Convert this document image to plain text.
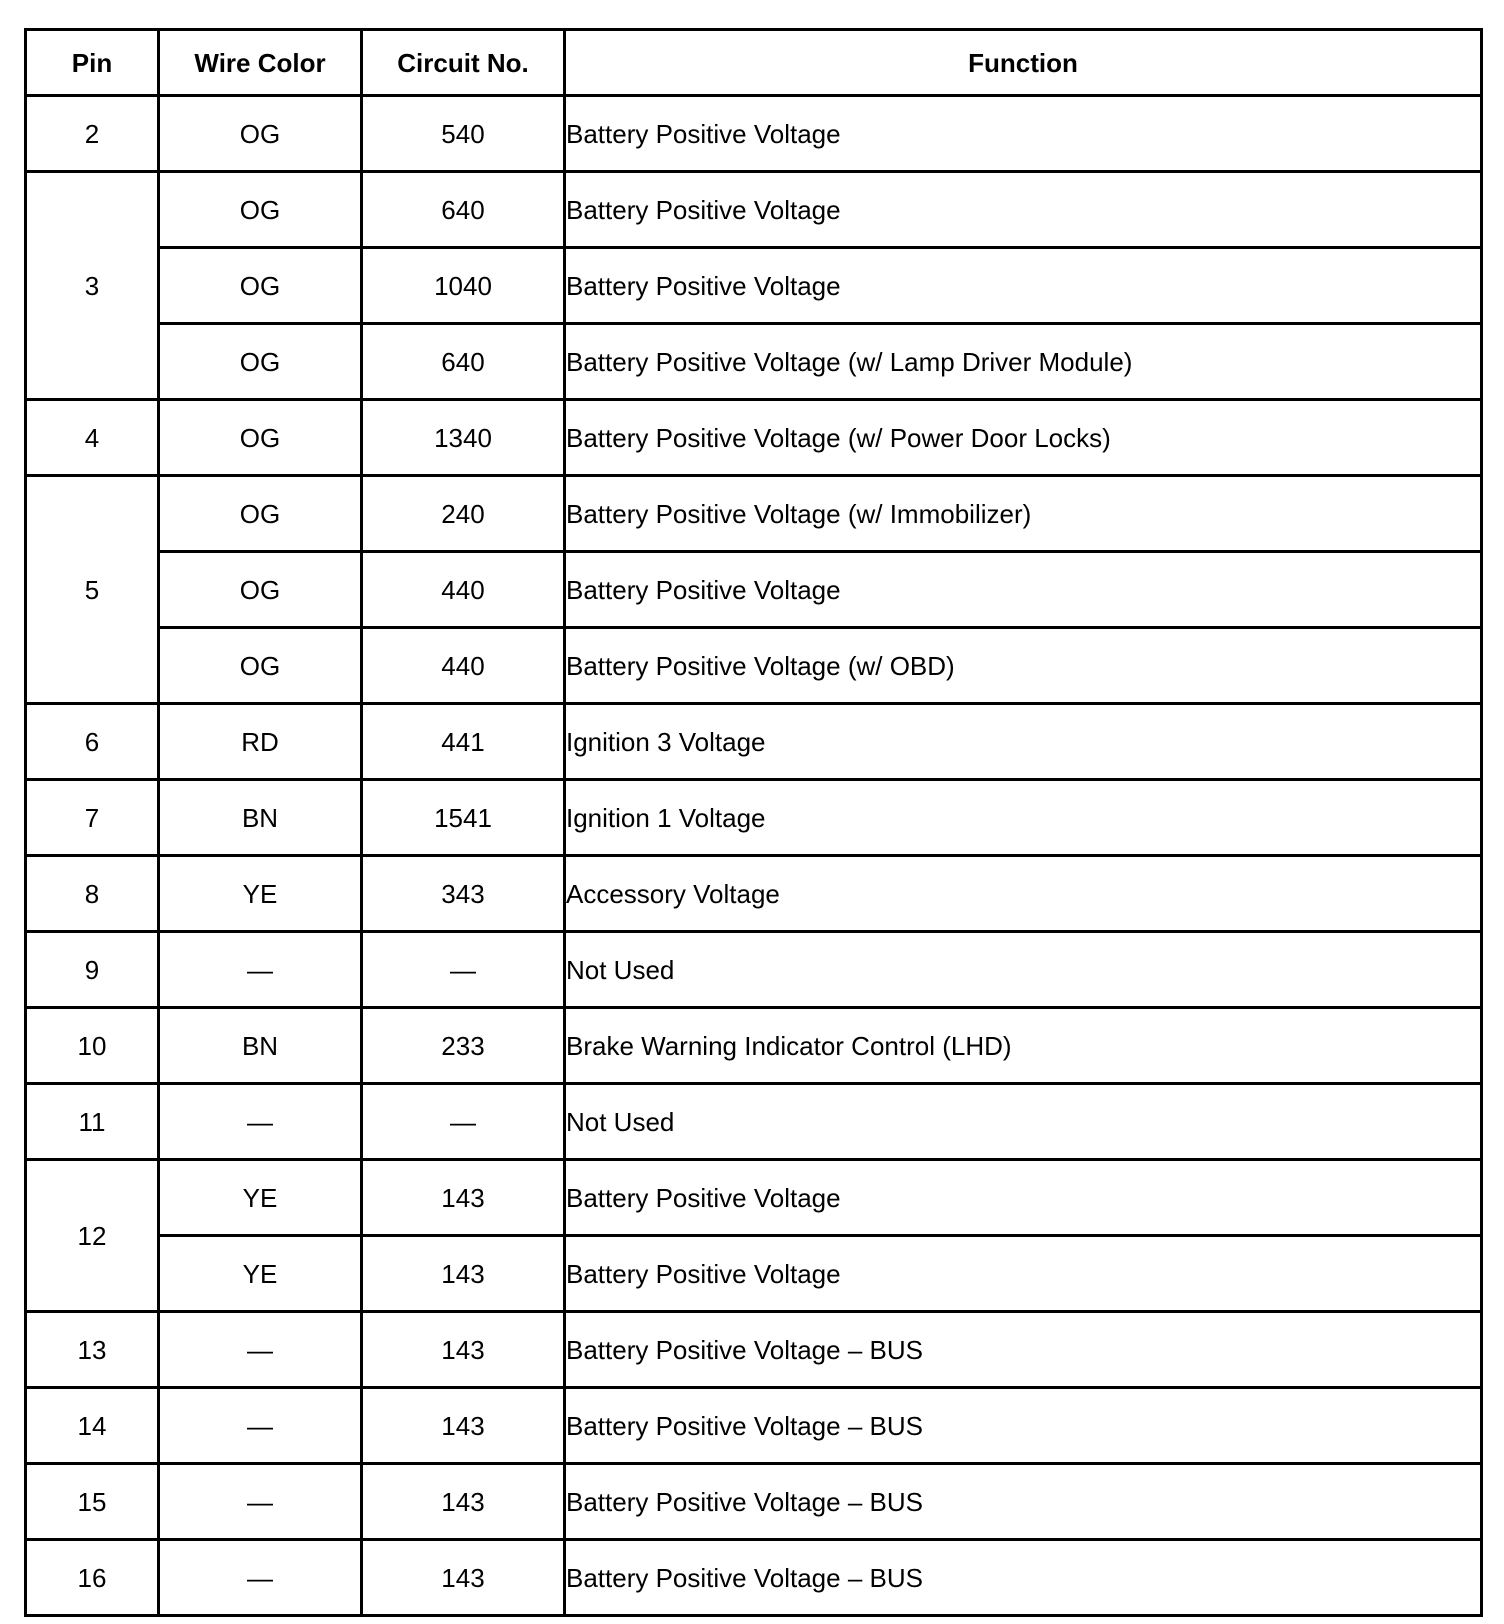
Pin	Wire Color	Circuit No.	Function
2	OG	540	Battery Positive Voltage
3	OG	640	Battery Positive Voltage
	OG	1040	Battery Positive Voltage
	OG	640	Battery Positive Voltage (w/ Lamp Driver Module)
4	OG	1340	Battery Positive Voltage (w/ Power Door Locks)
5	OG	240	Battery Positive Voltage (w/ Immobilizer)
	OG	440	Battery Positive Voltage
	OG	440	Battery Positive Voltage (w/ OBD)
6	RD	441	Ignition 3 Voltage
7	BN	1541	Ignition 1 Voltage
8	YE	343	Accessory Voltage
9	—	—	Not Used
10	BN	233	Brake Warning Indicator Control (LHD)
11	—	—	Not Used
12	YE	143	Battery Positive Voltage
	YE	143	Battery Positive Voltage
13	—	143	Battery Positive Voltage – BUS
14	—	143	Battery Positive Voltage – BUS
15	—	143	Battery Positive Voltage – BUS
16	—	143	Battery Positive Voltage – BUS
